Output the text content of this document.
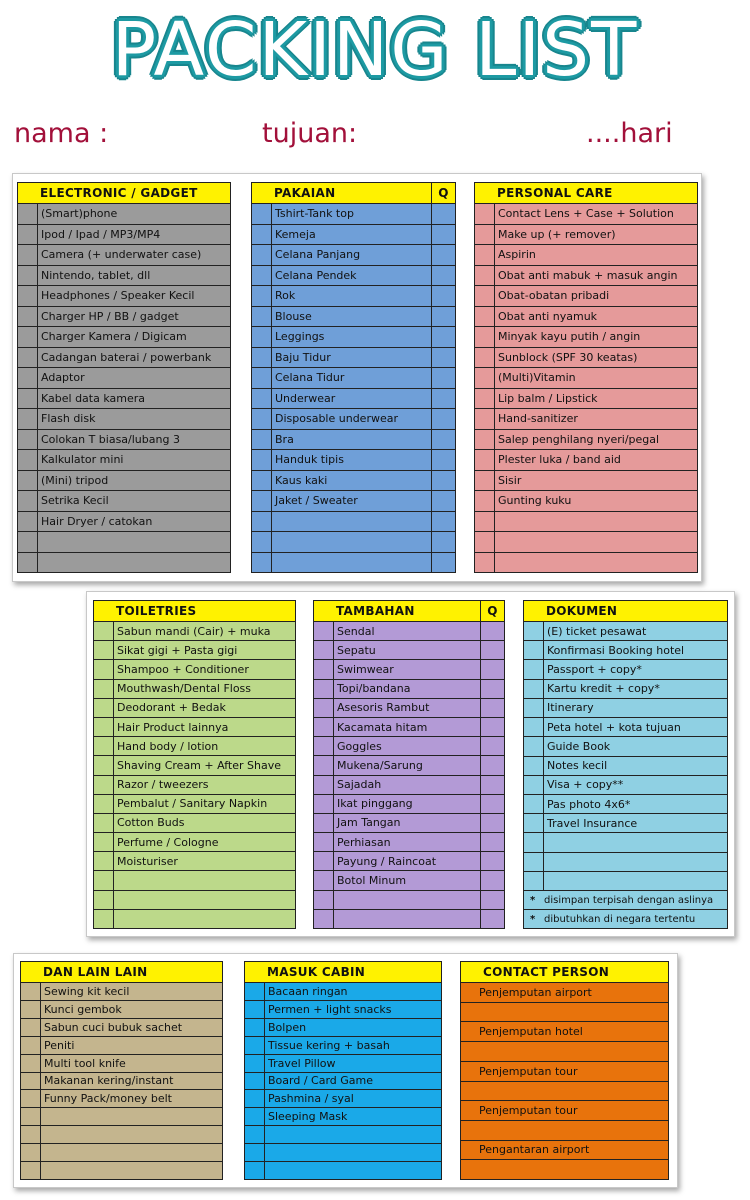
PACKING LIST
nama :	tujuan:	....hari
ELECTRONIC / GADGET
(Smart)phone
Ipod / Ipad / MP3/MP4
Camera (+ underwater case)
Nintendo, tablet, dll
Headphones / Speaker Kecil
Charger HP / BB / gadget
Charger Kamera / Digicam
Cadangan baterai / powerbank
Adaptor
Kabel data kamera
Flash disk
Colokan T biasa/lubang 3
Kalkulator mini
(Mini) tripod
Setrika Kecil
Hair Dryer / catokan
PAKAIAN	Q
Tshirt-Tank top
Kemeja
Celana Panjang
Celana Pendek
Rok
Blouse
Leggings
Baju Tidur
Celana Tidur
Underwear
Disposable underwear
Bra
Handuk tipis
Kaus kaki
Jaket / Sweater
PERSONAL CARE
Contact Lens + Case + Solution
Make up (+ remover)
Aspirin
Obat anti mabuk + masuk angin
Obat-obatan pribadi
Obat anti nyamuk
Minyak kayu putih / angin
Sunblock (SPF 30 keatas)
(Multi)Vitamin
Lip balm / Lipstick
Hand-sanitizer
Salep penghilang nyeri/pegal
Plester luka / band aid
Sisir
Gunting kuku
TOILETRIES
Sabun mandi (Cair) + muka
Sikat gigi + Pasta gigi
Shampoo + Conditioner
Mouthwash/Dental Floss
Deodorant + Bedak
Hair Product lainnya
Hand body / lotion
Shaving Cream + After Shave
Razor / tweezers
Pembalut / Sanitary Napkin
Cotton Buds
Perfume / Cologne
Moisturiser
TAMBAHAN	Q
Sendal
Sepatu
Swimwear
Topi/bandana
Asesoris Rambut
Kacamata hitam
Goggles
Mukena/Sarung
Sajadah
Ikat pinggang
Jam Tangan
Perhiasan
Payung / Raincoat
Botol Minum
DOKUMEN
(E) ticket pesawat
Konfirmasi Booking hotel
Passport + copy*
Kartu kredit + copy*
Itinerary
Peta hotel + kota tujuan
Guide Book
Notes kecil
Visa + copy**
Pas photo 4x6*
Travel Insurance
* disimpan terpisah dengan aslinya
* dibutuhkan di negara tertentu
DAN LAIN LAIN
Sewing kit kecil
Kunci gembok
Sabun cuci bubuk sachet
Peniti
Multi tool knife
Makanan kering/instant
Funny Pack/money belt
MASUK CABIN
Bacaan ringan
Permen + light snacks
Bolpen
Tissue kering + basah
Travel Pillow
Board / Card Game
Pashmina / syal
Sleeping Mask
CONTACT PERSON
Penjemputan airport
Penjemputan hotel
Penjemputan tour
Penjemputan tour
Pengantaran airport
